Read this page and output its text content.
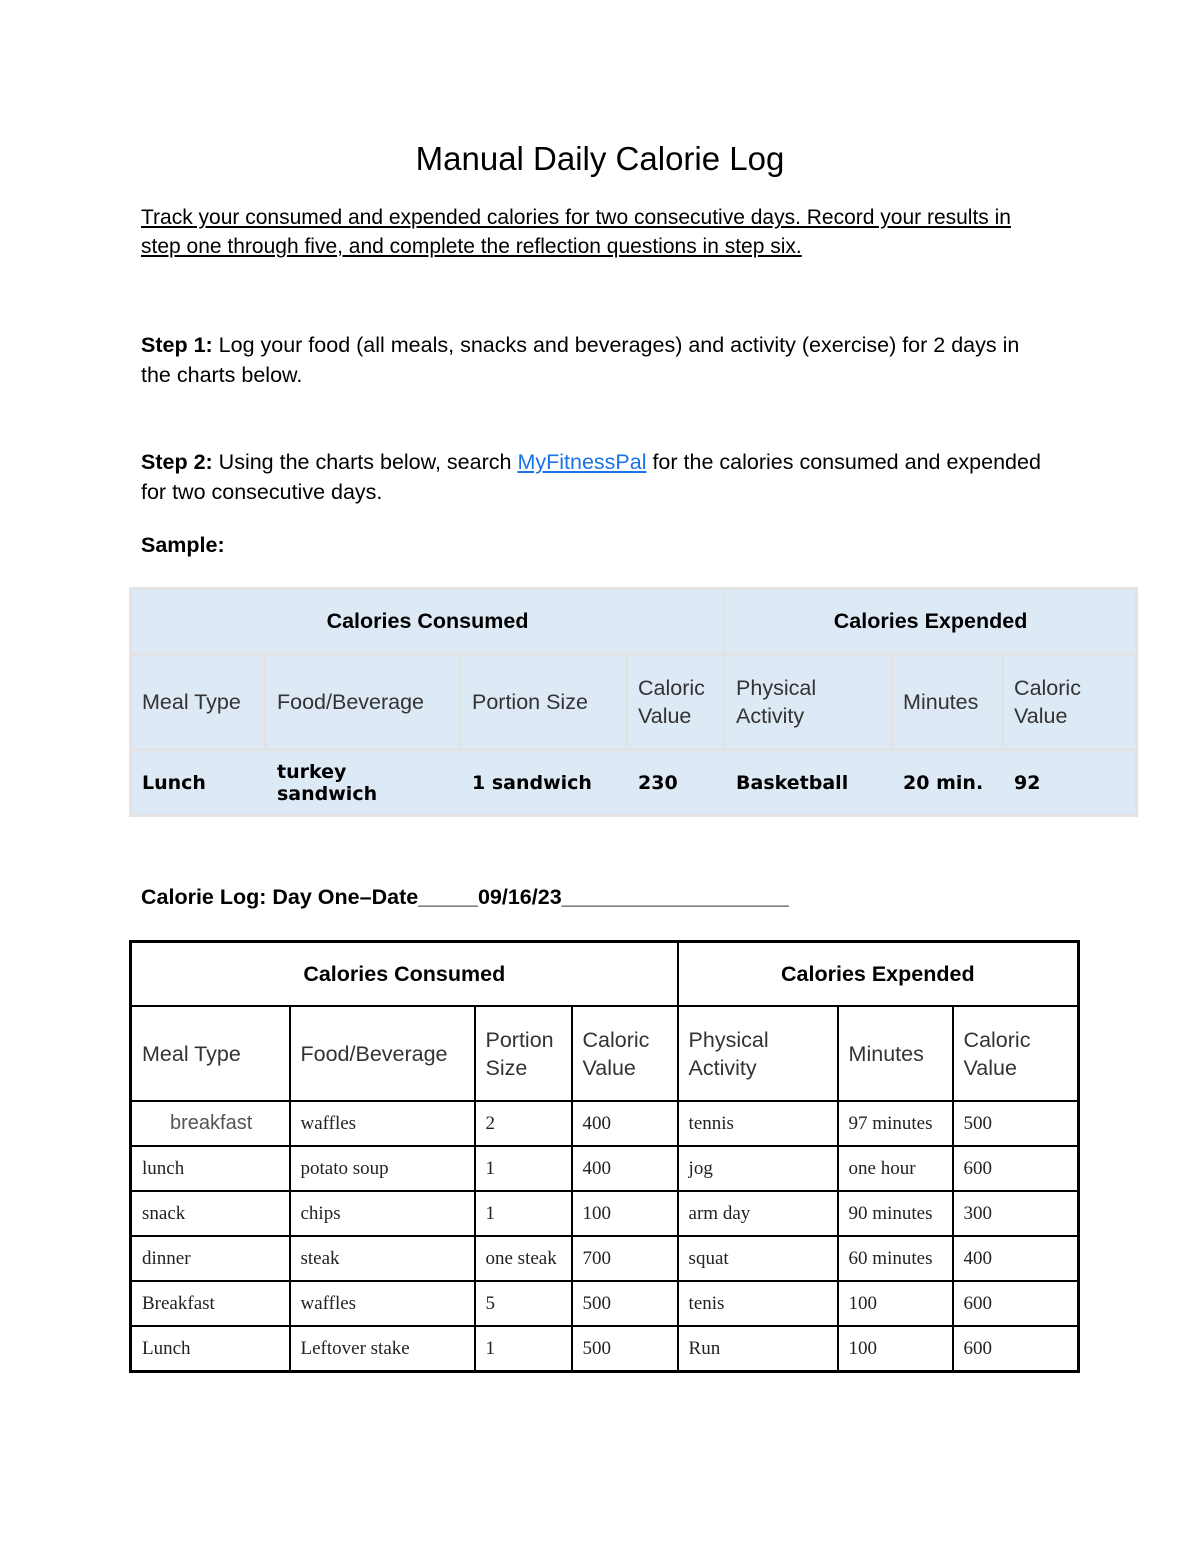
Manual Daily Calorie Log

Track your consumed and expended calories for two consecutive days. Record your results in step one through five, and complete the reflection questions in step six.

Step 1: Log your food (all meals, snacks and beverages) and activity (exercise) for 2 days in the charts below.

Step 2: Using the charts below, search MyFitnessPal for the calories consumed and expended for two consecutive days.

Sample:

Calories Consumed				Calories Expended		
Meal Type	Food/Beverage	Portion Size	Caloric Value	Physical Activity	Minutes	Caloric Value
Lunch	turkey sandwich	1 sandwich	230	Basketball	20 min.	92

Calorie Log: Day One–Date_____09/16/23___________________

Calories Consumed				Calories Expended		
Meal Type	Food/Beverage	Portion Size	Caloric Value	Physical Activity	Minutes	Caloric Value
breakfast	waffles	2	400	tennis	97 minutes	500
lunch	potato soup	1	400	jog	one hour	600
snack	chips	1	100	arm day	90 minutes	300
dinner	steak	one steak	700	squat	60 minutes	400
Breakfast	waffles	5	500	tenis	100	600
Lunch	Leftover stake	1	500	Run	100	600
